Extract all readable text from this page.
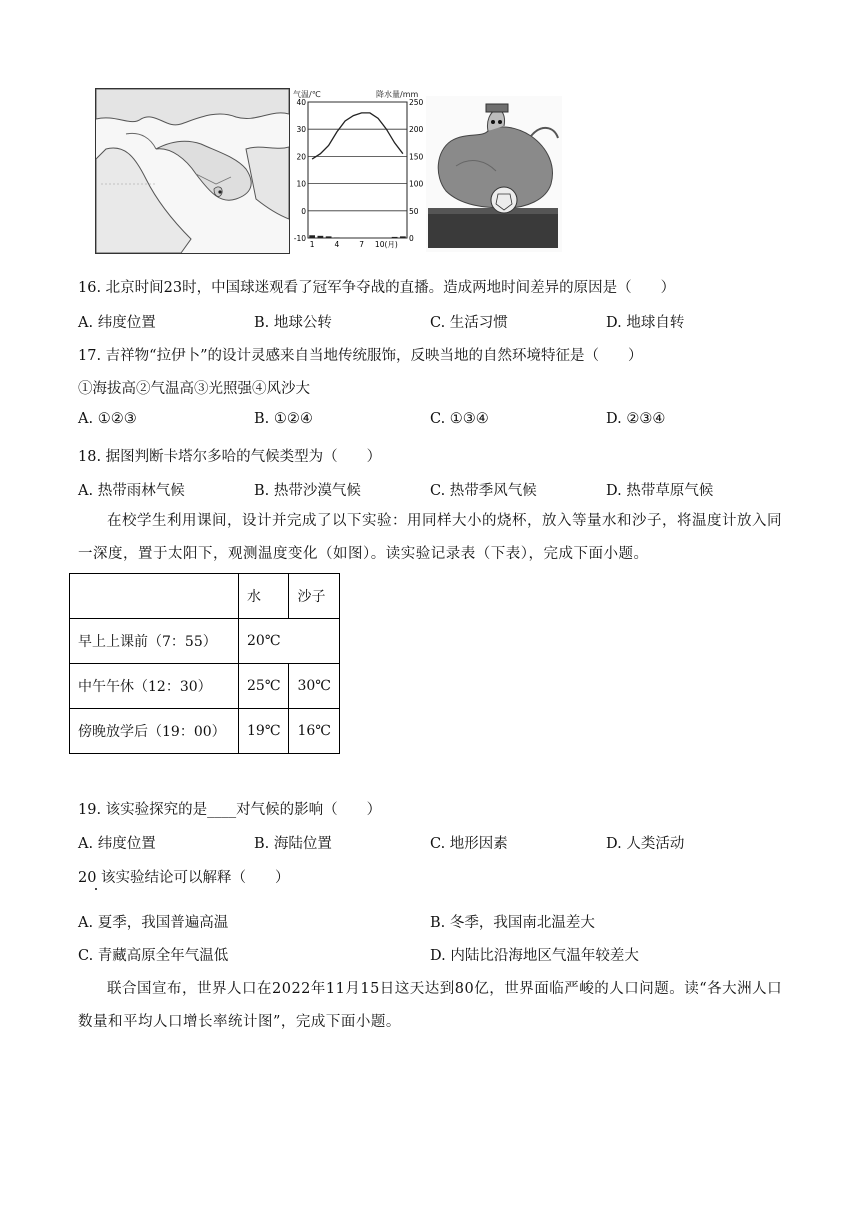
气温/℃	降水量/mm
40
30
20
10
0
-10
250
200
150
100
50
0
1	4	7 10(月)
16. 北京时间23时，中国球迷观看了冠军争夺战的直播。造成两地时间差异的原因是（　　）
A. 纬度位置	B. 地球公转	C. 生活习惯	D. 地球自转
17. 吉祥物“拉伊卜”的设计灵感来自当地传统服饰，反映当地的自然环境特征是（　　）
①海拔高②气温高③光照强④风沙大
A. ①②③	B. ①②④	C. ①③④	D. ②③④
18. 据图判断卡塔尔多哈的气候类型为（　　）
A. 热带雨林气候	B. 热带沙漠气候	C. 热带季风气候	D. 热带草原气候
在校学生利用课间，设计并完成了以下实验：用同样大小的烧杯，放入等量水和沙子，将温度计放入同一深度，置于太阳下，观测温度变化（如图）。读实验记录表（下表），完成下面小题。
	水	沙子
早上上课前（7：55）	20℃	
中午午休（12：30）	25℃	30℃
傍晚放学后（19：00）	19℃	16℃
19. 该实验探究的是____对气候的影响（　　）
A. 纬度位置	B. 海陆位置	C. 地形因素	D. 人类活动
20 该实验结论可以解释（　　）
A. 夏季，我国普遍高温	B. 冬季，我国南北温差大
C. 青藏高原全年气温低	D. 内陆比沿海地区气温年较差大
联合国宣布，世界人口在2022年11月15日这天达到80亿，世界面临严峻的人口问题。读“各大洲人口数量和平均人口增长率统计图”，完成下面小题。
